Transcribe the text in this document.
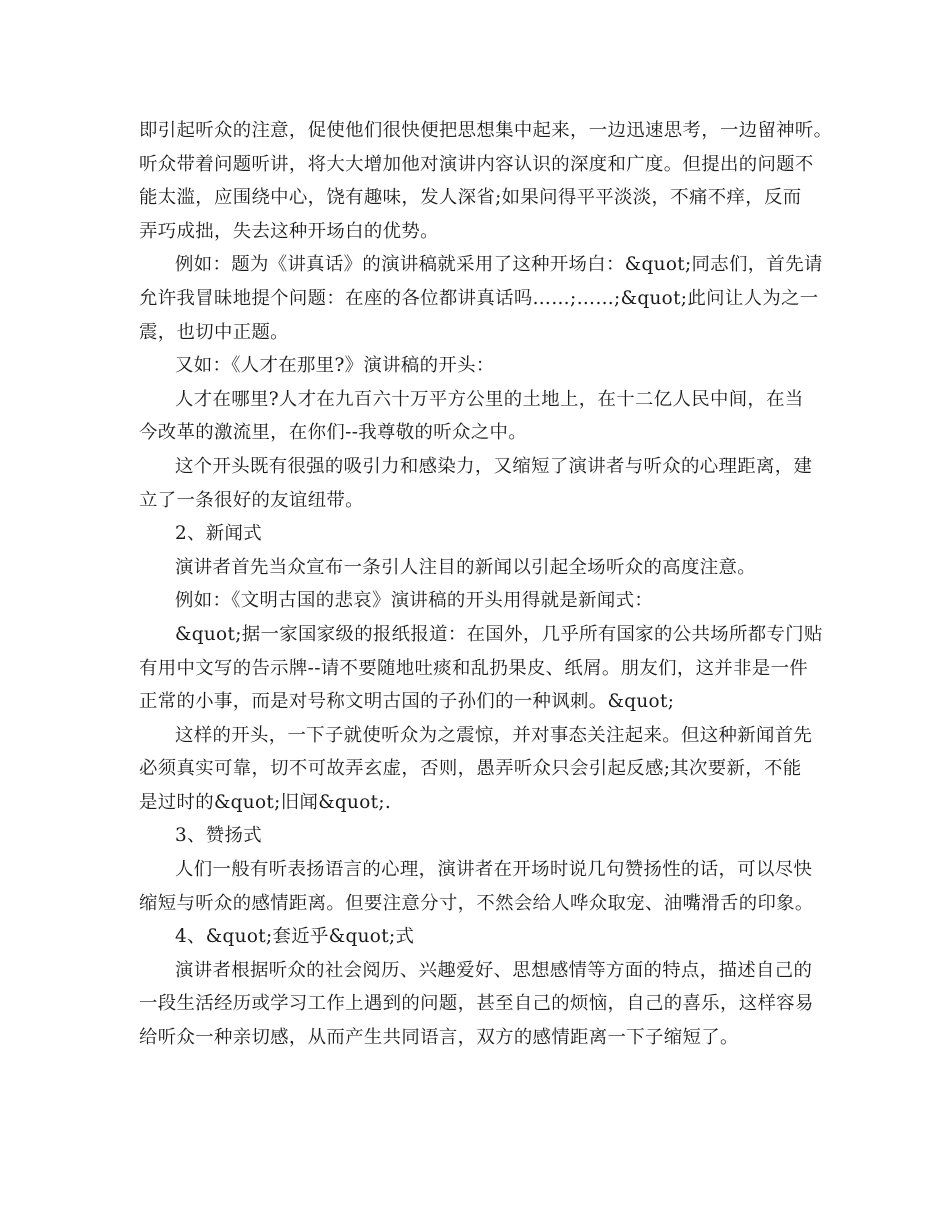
即引起听众的注意，促使他们很快便把思想集中起来，一边迅速思考，一边留神听。
听众带着问题听讲，将大大增加他对演讲内容认识的深度和广度。但提出的问题不
能太滥，应围绕中心，饶有趣味，发人深省;如果问得平平淡淡，不痛不痒，反而
弄巧成拙，失去这种开场白的优势。
例如：题为《讲真话》的演讲稿就采用了这种开场白：&quot;同志们，首先请
允许我冒昧地提个问题：在座的各位都讲真话吗……;……;&quot;此问让人为之一
震，也切中正题。
又如：《人才在那里?》演讲稿的开头：
人才在哪里?人才在九百六十万平方公里的土地上，在十二亿人民中间，在当
今改革的激流里，在你们--我尊敬的听众之中。
这个开头既有很强的吸引力和感染力，又缩短了演讲者与听众的心理距离，建
立了一条很好的友谊纽带。
2、新闻式
演讲者首先当众宣布一条引人注目的新闻以引起全场听众的高度注意。
例如：《文明古国的悲哀》演讲稿的开头用得就是新闻式：
&quot;据一家国家级的报纸报道：在国外，几乎所有国家的公共场所都专门贴
有用中文写的告示牌--请不要随地吐痰和乱扔果皮、纸屑。朋友们，这并非是一件
正常的小事，而是对号称文明古国的子孙们的一种讽刺。&quot;
这样的开头，一下子就使听众为之震惊，并对事态关注起来。但这种新闻首先
必须真实可靠，切不可故弄玄虚，否则，愚弄听众只会引起反感;其次要新，不能
是过时的&quot;旧闻&quot;.
3、赞扬式
人们一般有听表扬语言的心理，演讲者在开场时说几句赞扬性的话，可以尽快
缩短与听众的感情距离。但要注意分寸，不然会给人哗众取宠、油嘴滑舌的印象。
4、&quot;套近乎&quot;式
演讲者根据听众的社会阅历、兴趣爱好、思想感情等方面的特点，描述自己的
一段生活经历或学习工作上遇到的问题，甚至自己的烦恼，自己的喜乐，这样容易
给听众一种亲切感，从而产生共同语言，双方的感情距离一下子缩短了。
